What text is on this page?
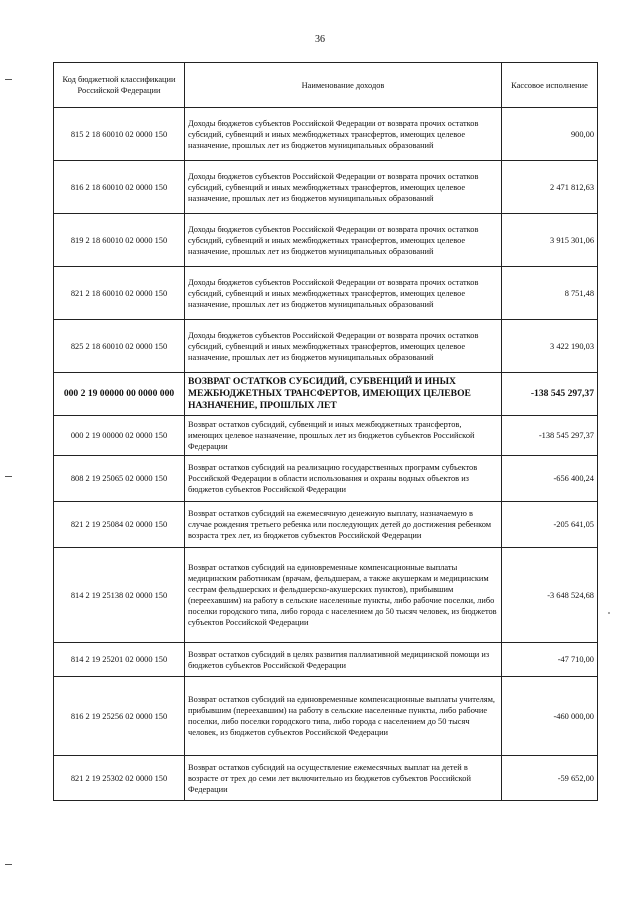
36
Код бюджетной классификации Российской Федерации	Наименование доходов	Кассовое исполнение
815 2 18 60010 02 0000 150	Доходы бюджетов субъектов Российской Федерации от возврата прочих остатков субсидий, субвенций и иных межбюджетных трансфертов, имеющих целевое назначение, прошлых лет из бюджетов муниципальных образований	900,00
816 2 18 60010 02 0000 150	Доходы бюджетов субъектов Российской Федерации от возврата прочих остатков субсидий, субвенций и иных межбюджетных трансфертов, имеющих целевое назначение, прошлых лет из бюджетов муниципальных образований	2 471 812,63
819 2 18 60010 02 0000 150	Доходы бюджетов субъектов Российской Федерации от возврата прочих остатков субсидий, субвенций и иных межбюджетных трансфертов, имеющих целевое назначение, прошлых лет из бюджетов муниципальных образований	3 915 301,06
821 2 18 60010 02 0000 150	Доходы бюджетов субъектов Российской Федерации от возврата прочих остатков субсидий, субвенций и иных межбюджетных трансфертов, имеющих целевое назначение, прошлых лет из бюджетов муниципальных образований	8 751,48
825 2 18 60010 02 0000 150	Доходы бюджетов субъектов Российской Федерации от возврата прочих остатков субсидий, субвенций и иных межбюджетных трансфертов, имеющих целевое назначение, прошлых лет из бюджетов муниципальных образований	3 422 190,03
000 2 19 00000 00 0000 000	ВОЗВРАТ ОСТАТКОВ СУБСИДИЙ, СУБВЕНЦИЙ И ИНЫХ МЕЖБЮДЖЕТНЫХ ТРАНСФЕРТОВ, ИМЕЮЩИХ ЦЕЛЕВОЕ НАЗНАЧЕНИЕ, ПРОШЛЫХ ЛЕТ	-138 545 297,37
000 2 19 00000 02 0000 150	Возврат остатков субсидий, субвенций и иных межбюджетных трансфертов, имеющих целевое назначение, прошлых лет из бюджетов субъектов Российской Федерации	-138 545 297,37
808 2 19 25065 02 0000 150	Возврат остатков субсидий на реализацию государственных программ субъектов Российской Федерации в области использования и охраны водных объектов из бюджетов субъектов Российской Федерации	-656 400,24
821 2 19 25084 02 0000 150	Возврат остатков субсидий на ежемесячную денежную выплату, назначаемую в случае рождения третьего ребенка или последующих детей до достижения ребенком возраста трех лет, из бюджетов субъектов Российской Федерации	-205 641,05
814 2 19 25138 02 0000 150	Возврат остатков субсидий на единовременные компенсационные выплаты медицинским работникам (врачам, фельдшерам, а также акушеркам и медицинским сестрам фельдшерских и фельдшерско-акушерских пунктов), прибывшим (переехавшим) на работу в сельские населенные пункты, либо рабочие поселки, либо поселки городского типа, либо города с населением до 50 тысяч человек, из бюджетов субъектов Российской Федерации	-3 648 524,68
814 2 19 25201 02 0000 150	Возврат остатков субсидий в целях развития паллиативной медицинской помощи из бюджетов субъектов Российской Федерации	-47 710,00
816 2 19 25256 02 0000 150	Возврат остатков субсидий на единовременные компенсационные выплаты учителям, прибывшим (переехавшим) на работу в сельские населенные пункты, либо рабочие поселки, либо поселки городского типа, либо города с населением до 50 тысяч человек, из бюджетов субъектов Российской Федерации	-460 000,00
821 2 19 25302 02 0000 150	Возврат остатков субсидий на осуществление ежемесячных выплат на детей в возрасте от трех до семи лет включительно из бюджетов субъектов Российской Федерации	-59 652,00
